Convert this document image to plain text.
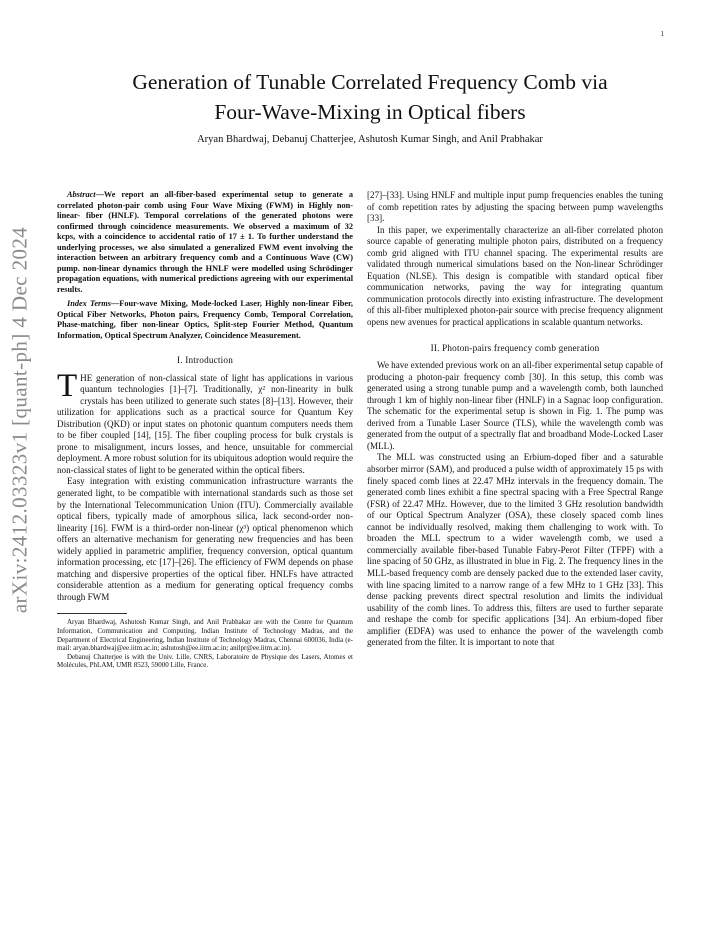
1
arXiv:2412.03323v1 [quant-ph] 4 Dec 2024
Generation of Tunable Correlated Frequency Comb via
Four-Wave-Mixing in Optical fibers
Aryan Bhardwaj, Debanuj Chatterjee, Ashutosh Kumar Singh, and Anil Prabhakar

Abstract—We report an all-fiber-based experimental setup to generate a correlated photon-pair comb using Four Wave Mixing (FWM) in Highly non-linear- fiber (HNLF). Temporal correlations of the generated photons were confirmed through coincidence measurements. We observed a maximum of 32 kcps, with a coincidence to accidental ratio of 17 ± 1. To further understand the underlying processes, we also simulated a generalized FWM event involving the interaction between an arbitrary frequency comb and a Continuous Wave (CW) pump. non-linear dynamics through the HNLF were modelled using Schrödinger propagation equations, with numerical predictions agreeing with our experimental results.

Index Terms—Four-wave Mixing, Mode-locked Laser, Highly non-linear Fiber, Optical Fiber Networks, Photon pairs, Frequency Comb, Temporal Correlation, Phase-matching, fiber non-linear Optics, Split-step Fourier Method, Quantum Information, Optical Spectrum Analyzer, Coincidence Measurement.

I. Introduction

THE generation of non-classical state of light has applications in various quantum technologies [1]–[7]. Traditionally, χ² non-linearity in bulk crystals has been utilized to generate such states [8]–[13]. However, their utilization for applications such as a practical source for Quantum Key Distribution (QKD) or input states on photonic quantum computers needs them to be fiber coupled [14], [15]. The fiber coupling process for bulk crystals is prone to misalignment, incurs losses, and hence, unsuitable for commercial deployment. A more robust solution for its ubiquitous adoption would require the non-classical states of light to be generated within the optical fibers.

Easy integration with existing communication infrastructure warrants the generated light, to be compatible with international standards such as those set by the International Telecommunication Union (ITU). Commercially available optical fibers, typically made of amorphous silica, lack second-order non-linearity [16]. FWM is a third-order non-linear (χ³) optical phenomenon which offers an alternative mechanism for generating new frequencies and has been widely applied in parametric amplifier, frequency conversion, optical quantum information processing, etc [17]–[26]. The efficiency of FWM depends on phase matching and dispersive properties of the optical fiber. HNLFs have attracted considerable attention as a medium for generating optical frequency combs through FWM

Aryan Bhardwaj, Ashutosh Kumar Singh, and Anil Prabhakar are with the Centre for Quantum Information, Communication and Computing, Indian Institute of Technology Madras, and the Department of Electrical Engineering, Indian Institute of Technology Madras, Chennai 600036, India (e-mail: aryan.bhardwaj@ee.iitm.ac.in; ashutosh@ee.iitm.ac.in; anilpr@ee.iitm.ac.in).

Debanuj Chatterjee is with the Univ. Lille, CNRS, Laboratoire de Physique des Lasers, Atomes et Molécules, PhLAM, UMR 8523, 59000 Lille, France.

[27]–[33]. Using HNLF and multiple input pump frequencies enables the tuning of comb repetition rates by adjusting the spacing between pump wavelengths [33].

In this paper, we experimentally characterize an all-fiber correlated photon source capable of generating multiple photon pairs, distributed on a frequency comb grid aligned with ITU channel spacing. The experimental results are validated through numerical simulations based on the Non-linear Schrödinger Equation (NLSE). This design is compatible with standard optical fiber communication networks, paving the way for integrating quantum communication protocols directly into existing infrastructure. The development of this all-fiber multiplexed photon-pair source with precise frequency alignment opens new avenues for practical applications in scalable quantum networks.

II. Photon-pairs frequency comb generation

We have extended previous work on an all-fiber experimental setup capable of producing a photon-pair frequency comb [30]. In this setup, this comb was generated using a strong tunable pump and a wavelength comb, both launched through 1 km of highly non-linear fiber (HNLF) in a Sagnac loop configuration. The schematic for the experimental setup is shown in Fig. 1. The pump was derived from a Tunable Laser Source (TLS), while the wavelength comb was generated from the output of a spectrally flat and broadband Mode-Locked Laser (MLL).

The MLL was constructed using an Erbium-doped fiber and a saturable absorber mirror (SAM), and produced a pulse width of approximately 15 ps with finely spaced comb lines at 22.47 MHz intervals in the frequency domain. The generated comb lines exhibit a fine spectral spacing with a Free Spectral Range (FSR) of 22.47 MHz. However, due to the limited 3 GHz resolution bandwidth of our Optical Spectrum Analyzer (OSA), these closely spaced comb lines cannot be individually resolved, making them challenging to work with. To broaden the MLL spectrum to a wider wavelength comb, we used a commercially available fiber-based Tunable Fabry-Perot Filter (TFPF) with a line spacing of 50 GHz, as illustrated in blue in Fig. 2. The frequency lines in the MLL-based frequency comb are densely packed due to the extended laser cavity, with line spacing limited to a narrow range of a few MHz to 1 GHz [33]. This dense packing prevents direct spectral resolution and limits the individual usability of the comb lines. To address this, filters are used to further separate and reshape the comb for specific applications [34]. An erbium-doped fiber amplifier (EDFA) was used to enhance the power of the wavelength comb generated from the filter. It is important to note that
